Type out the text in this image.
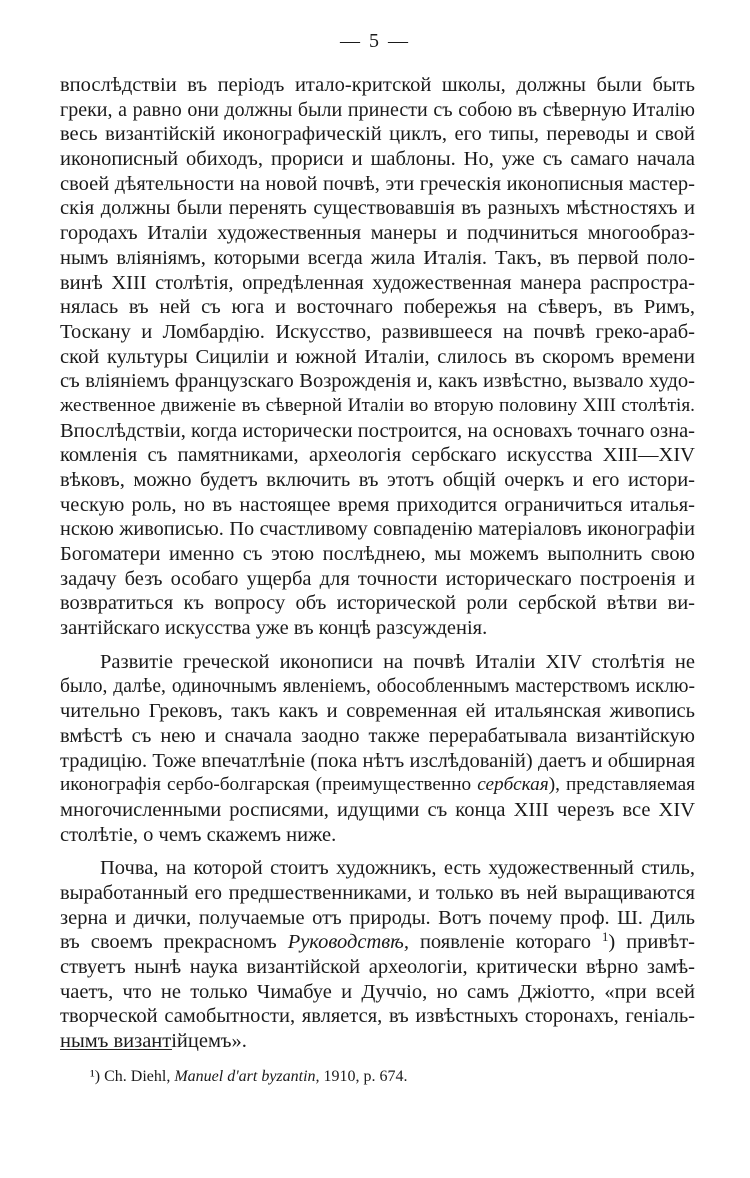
— 5 —
впослѣдствіи въ періодъ итало-критской школы, должны были быть
греки, а равно они должны были принести съ собою въ сѣверную Италію
весь византійскій иконографическій циклъ, его типы, переводы и свой
иконописный обиходъ, прориси и шаблоны. Но, уже съ самаго начала
своей дѣятельности на новой почвѣ, эти греческія иконописныя мастер-
скія должны были перенять существовавшія въ разныхъ мѣстностяхъ и
городахъ Италіи художественныя манеры и подчиниться многообраз-
нымъ вліяніямъ, которыми всегда жила Италія. Такъ, въ первой поло-
винѣ XIII столѣтія, опредѣленная художественная манера распростра-
нялась въ ней съ юга и восточнаго побережья на сѣверъ, въ Римъ,
Тоскану и Ломбардію. Искусство, развившееся на почвѣ греко-араб-
ской культуры Сициліи и южной Италіи, слилось въ скоромъ времени
съ вліяніемъ французскаго Возрожденія и, какъ извѣстно, вызвало худо-
жественное движеніе въ сѣверной Италіи во вторую половину XIII столѣтія.
Впослѣдствіи, когда исторически построится, на основахъ точнаго озна-
комленія съ памятниками, археологія сербскаго искусства XIII—XIV
вѣковъ, можно будетъ включить въ этотъ общій очеркъ и его истори-
ческую роль, но въ настоящее время приходится ограничиться италья-
нскою живописью. По счастливому совпаденію матеріаловъ иконографіи
Богоматери именно съ этою послѣднею, мы можемъ выполнить свою
задачу безъ особаго ущерба для точности историческаго построенія и
возвратиться къ вопросу объ исторической роли сербской вѣтви ви-
зантійскаго искусства уже въ концѣ разсужденія.
Развитіе греческой иконописи на почвѣ Италіи XIV столѣтія не
было, далѣе, одиночнымъ явленіемъ, обособленнымъ мастерствомъ исклю-
чительно Грековъ, такъ какъ и современная ей итальянская живопись
вмѣстѣ съ нею и сначала заодно также перерабатывала византійскую
традицію. Тоже впечатлѣніе (пока нѣтъ изслѣдованій) даетъ и обширная
иконографія сербо-болгарская (преимущественно сербская), представляемая
многочисленными росписями, идущими съ конца XIII черезъ все XIV
столѣтіе, о чемъ скажемъ ниже.
Почва, на которой стоитъ художникъ, есть художественный стиль,
выработанный его предшественниками, и только въ ней выращиваются
зерна и дички, получаемые отъ природы. Вотъ почему проф. Ш. Диль
въ своемъ прекрасномъ Руководствѣ, появленіе котораго $^1$) привѣт-
ствуетъ нынѣ наука византійской археологіи, критически вѣрно замѣ-
чаетъ, что не только Чимабуе и Дуччіо, но самъ Джіотто, «при всей
творческой самобытности, является, въ извѣстныхъ сторонахъ, геніаль-
нымъ византійцемъ».
¹) Ch. Diehl, Manuel d'art byzantin, 1910, p. 674.
